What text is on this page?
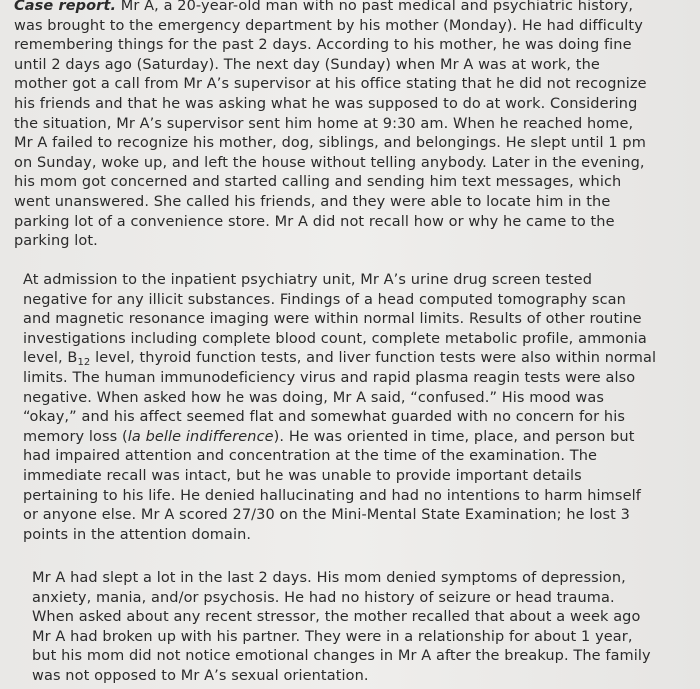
Case report. Mr A, a 20-year-old man with no past medical and psychiatric history, was brought to the emergency department by his mother (Monday). He had difficulty remembering things for the past 2 days. According to his mother, he was doing fine until 2 days ago (Saturday). The next day (Sunday) when Mr A was at work, the mother got a call from Mr A’s supervisor at his office stating that he did not recognize his friends and that he was asking what he was supposed to do at work. Considering the situation, Mr A’s supervisor sent him home at 9:30 am. When he reached home, Mr A failed to recognize his mother, dog, siblings, and belongings. He slept until 1 pm on Sunday, woke up, and left the house without telling anybody. Later in the evening, his mom got concerned and started calling and sending him text messages, which went unanswered. She called his friends, and they were able to locate him in the parking lot of a convenience store. Mr A did not recall how or why he came to the parking lot.

At admission to the inpatient psychiatry unit, Mr A’s urine drug screen tested negative for any illicit substances. Findings of a head computed tomography scan and magnetic resonance imaging were within normal limits. Results of other routine investigations including complete blood count, complete metabolic profile, ammonia level, $B_{12}$ level, thyroid function tests, and liver function tests were also within normal limits. The human immunodeficiency virus and rapid plasma reagin tests were also negative. When asked how he was doing, Mr A said, “confused.” His mood was “okay,” and his affect seemed flat and somewhat guarded with no concern for his memory loss (la belle indifference). He was oriented in time, place, and person but had impaired attention and concentration at the time of the examination. The immediate recall was intact, but he was unable to provide important details pertaining to his life. He denied hallucinating and had no intentions to harm himself or anyone else. Mr A scored 27/30 on the Mini-Mental State Examination; he lost 3 points in the attention domain.

Mr A had slept a lot in the last 2 days. His mom denied symptoms of depression, anxiety, mania, and/or psychosis. He had no history of seizure or head trauma. When asked about any recent stressor, the mother recalled that about a week ago Mr A had broken up with his partner. They were in a relationship for about 1 year, but his mom did not notice emotional changes in Mr A after the breakup. The family was not opposed to Mr A’s sexual orientation.
